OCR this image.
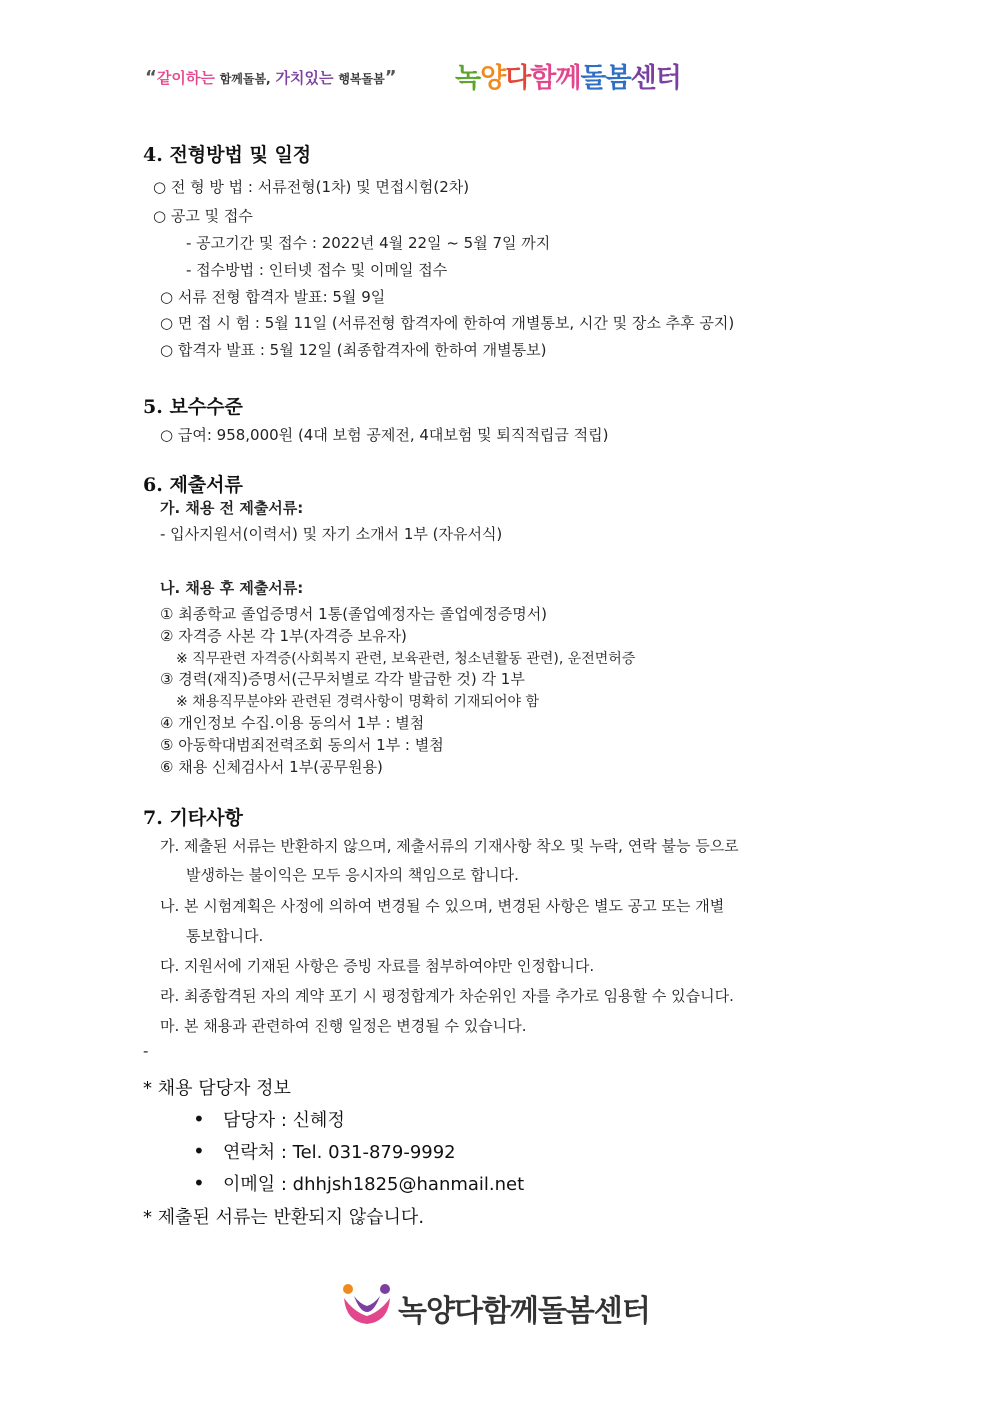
“같이하는 함께돌봄, 가치있는 행복돌봄” 녹양다함께돌봄센터
4. 전형방법 및 일정
○ 전 형 방 법 : 서류전형(1차) 및 면접시험(2차)
○ 공고 및 접수
- 공고기간 및 접수 : 2022년 4월 22일 ~ 5월 7일 까지
- 접수방법 : 인터넷 접수 및 이메일 접수
○ 서류 전형 합격자 발표: 5월 9일
○ 면 접 시 험 : 5월 11일 (서류전형 합격자에 한하여 개별통보, 시간 및 장소 추후 공지)
○ 합격자 발표 : 5월 12일 (최종합격자에 한하여 개별통보)
5. 보수수준
○ 급여: 958,000원 (4대 보험 공제전, 4대보험 및 퇴직적립금 적립)
6. 제출서류
가. 채용 전 제출서류:
- 입사지원서(이력서) 및 자기 소개서 1부 (자유서식)
나. 채용 후 제출서류:
① 최종학교 졸업증명서 1통(졸업예정자는 졸업예정증명서)
② 자격증 사본 각 1부(자격증 보유자)
※ 직무관련 자격증(사회복지 관련, 보육관련, 청소년활동 관련), 운전면허증
③ 경력(재직)증명서(근무처별로 각각 발급한 것) 각 1부
※ 채용직무분야와 관련된 경력사항이 명확히 기재되어야 함
④ 개인정보 수집.이용 동의서 1부 : 별첨
⑤ 아동학대범죄전력조회 동의서 1부 : 별첨
⑥ 채용 신체검사서 1부(공무원용)
7. 기타사항
가. 제출된 서류는 반환하지 않으며, 제출서류의 기재사항 착오 및 누락, 연락 불능 등으로
발생하는 불이익은 모두 응시자의 책임으로 합니다.
나. 본 시험계획은 사정에 의하여 변경될 수 있으며, 변경된 사항은 별도 공고 또는 개별
통보합니다.
다. 지원서에 기재된 사항은 증빙 자료를 첨부하여야만 인정합니다.
라. 최종합격된 자의 계약 포기 시 평정합계가 차순위인 자를 추가로 임용할 수 있습니다.
마. 본 채용과 관련하여 진행 일정은 변경될 수 있습니다.
-
* 채용 담당자 정보
• 담당자 : 신혜정
• 연락처 : Tel. 031-879-9992
• 이메일 : dhhjsh1825@hanmail.net
* 제출된 서류는 반환되지 않습니다.
녹양다함께돌봄센터
